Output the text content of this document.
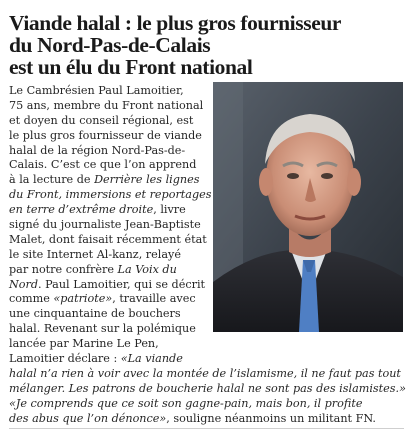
Viande halal : le plus gros fournisseur
du Nord-Pas-de-Calais
est un élu du Front national
Le Cambrésien Paul Lamoitier,
75 ans, membre du Front national
et doyen du conseil régional, est
le plus gros fournisseur de viande
halal de la région Nord-Pas-de-
Calais. C’est ce que l’on apprend
à la lecture de Derrière les lignes
du Front, immersions et reportages
en terre d’extrême droite, livre
signé du journaliste Jean-Baptiste
Malet, dont faisait récemment état
le site Internet Al-kanz, relayé
par notre confrère La Voix du
Nord. Paul Lamoitier, qui se décrit
comme «patriote», travaille avec
une cinquantaine de bouchers
halal. Revenant sur la polémique
lancée par Marine Le Pen,
Lamoitier déclare : «La viande
halal n’a rien à voir avec la montée de l’islamisme, il ne faut pas tout
mélanger. Les patrons de boucherie halal ne sont pas des islamistes.»
«Je comprends que ce soit son gagne-pain, mais bon, il profite
des abus que l’on dénonce», souligne néanmoins un militant FN.
